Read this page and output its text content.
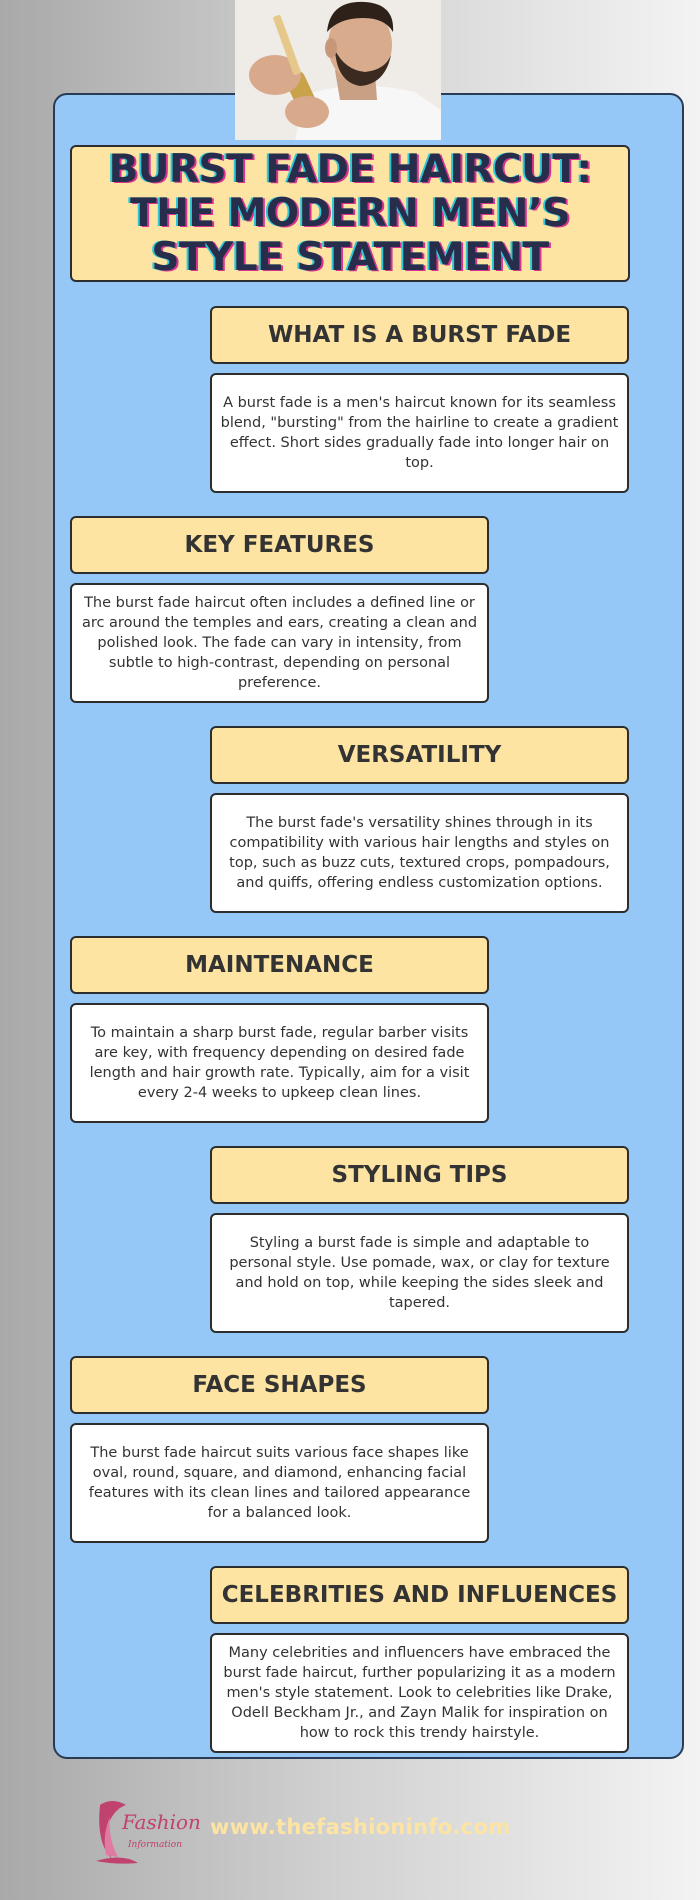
BURST FADE HAIRCUT: THE MODERN MEN’S STYLE STATEMENT
WHAT IS A BURST FADE
A burst fade is a men's haircut known for its seamless blend, "bursting" from the hairline to create a gradient effect. Short sides gradually fade into longer hair on top.
KEY FEATURES
The burst fade haircut often includes a defined line or arc around the temples and ears, creating a clean and polished look. The fade can vary in intensity, from subtle to high-contrast, depending on personal preference.
VERSATILITY
The burst fade's versatility shines through in its compatibility with various hair lengths and styles on top, such as buzz cuts, textured crops, pompadours, and quiffs, offering endless customization options.
MAINTENANCE
To maintain a sharp burst fade, regular barber visits are key, with frequency depending on desired fade length and hair growth rate. Typically, aim for a visit every 2-4 weeks to upkeep clean lines.
STYLING TIPS
Styling a burst fade is simple and adaptable to personal style. Use pomade, wax, or clay for texture and hold on top, while keeping the sides sleek and tapered.
FACE SHAPES
The burst fade haircut suits various face shapes like oval, round, square, and diamond, enhancing facial features with its clean lines and tailored appearance for a balanced look.
CELEBRITIES AND INFLUENCES
Many celebrities and influencers have embraced the burst fade haircut, further popularizing it as a modern men's style statement. Look to celebrities like Drake, Odell Beckham Jr., and Zayn Malik for inspiration on how to rock this trendy hairstyle.
Fashion
Information
www.thefashioninfo.com
